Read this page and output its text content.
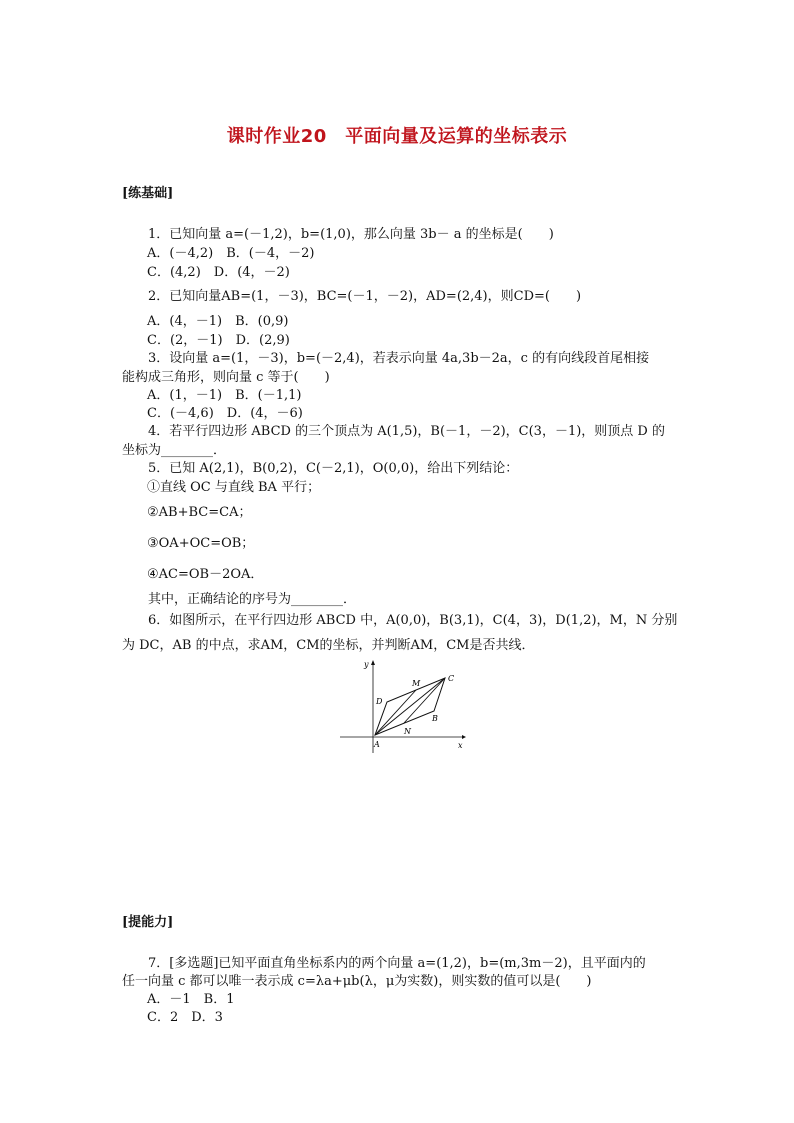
课时作业20　平面向量及运算的坐标表示
[练基础]
1．已知向量 a=(－1,2)，b=(1,0)，那么向量 3b－ a 的坐标是(　　)
A．(－4,2)　B．(－4，－2)
C．(4,2)　D．(4，－2)
2．已知向量AB=(1，－3)，BC=(－1，－2)，AD=(2,4)，则CD=(　　)
A．(4，－1)　B．(0,9)
C．(2，－1)　D．(2,9)
3．设向量 a=(1，－3)，b=(－2,4)，若表示向量 4a,3b－2a，c 的有向线段首尾相接
能构成三角形，则向量 c 等于(　　)
A．(1，－1)　B．(－1,1)
C．(－4,6)　D．(4，－6)
4．若平行四边形 ABCD 的三个顶点为 A(1,5)，B(－1，－2)，C(3，－1)，则顶点 D 的
坐标为________．
5．已知 A(2,1)，B(0,2)，C(－2,1)，O(0,0)，给出下列结论：
①直线 OC 与直线 BA 平行；
②AB+BC=CA；
③OA+OC=OB；
④AC=OB－2OA．
其中，正确结论的序号为________．
6．如图所示，在平行四边形 ABCD 中，A(0,0)，B(3,1)，C(4，3)，D(1,2)，M，N 分别
为 DC，AB 的中点，求AM，CM的坐标，并判断AM，CM是否共线．
x
y
A
B
C
D
M
N
[提能力]
7．[多选题]已知平面直角坐标系内的两个向量 a=(1,2)，b=(m,3m－2)，且平面内的
任一向量 c 都可以唯一表示成 c=λa+μb(λ，μ为实数)，则实数的值可以是(　　)
A．－1　B．1
C．2　D．3
